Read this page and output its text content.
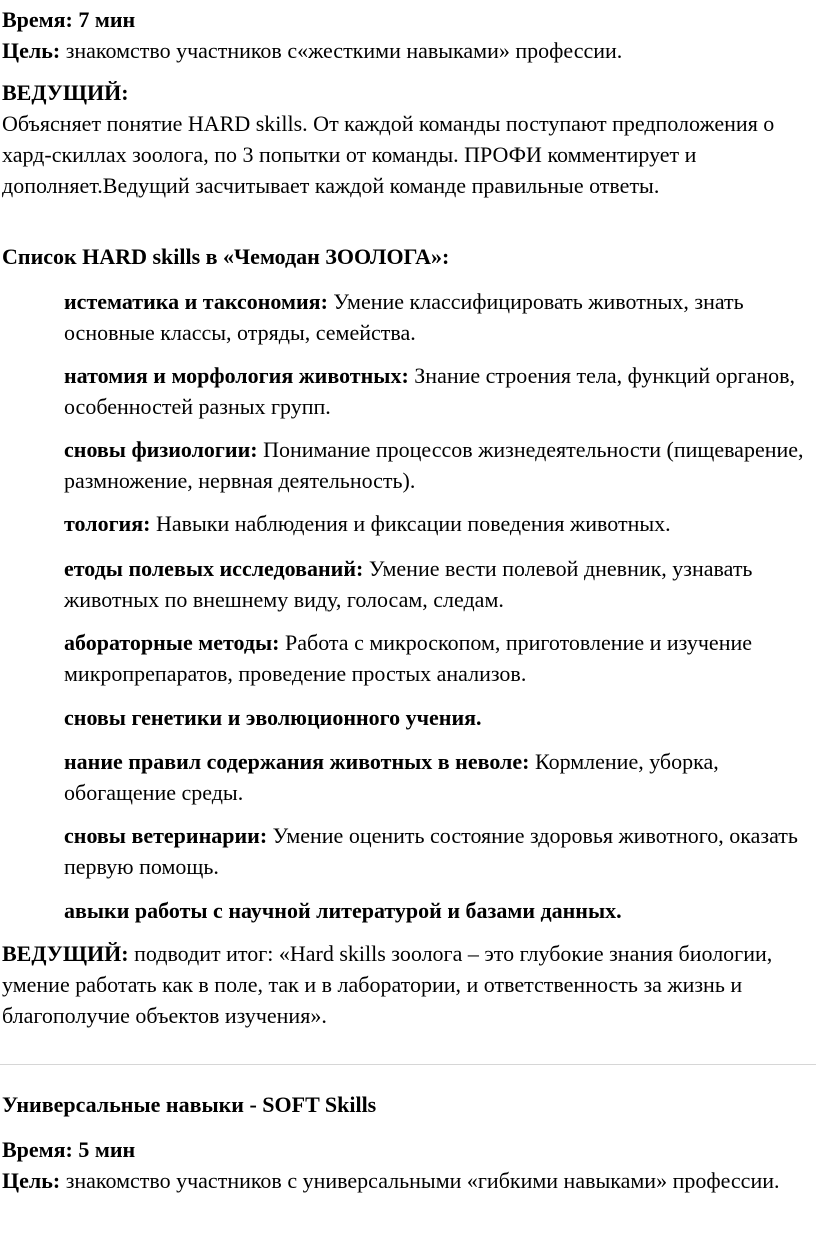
Время: 7 мин

Цель: знакомство участников с«жесткими навыками» профессии.

ВЕДУЩИЙ:

Объясняет понятие HARD skills. От каждой команды поступают предположения о хард-скиллах зоолога, по 3 попытки от команды. ПРОФИ комментирует и дополняет.Ведущий засчитывает каждой команде правильные ответы.

Список HARD skills в «Чемодан ЗООЛОГА»:

истематика и таксономия: Умение классифицировать животных, знать основные классы, отряды, семейства.

натомия и морфология животных: Знание строения тела, функций органов, особенностей разных групп.

сновы физиологии: Понимание процессов жизнедеятельности (пищеварение, размножение, нервная деятельность).

тология: Навыки наблюдения и фиксации поведения животных.

етоды полевых исследований: Умение вести полевой дневник, узнавать животных по внешнему виду, голосам, следам.

абораторные методы: Работа с микроскопом, приготовление и изучение микропрепаратов, проведение простых анализов.

сновы генетики и эволюционного учения.

нание правил содержания животных в неволе: Кормление, уборка, обогащение среды.

сновы ветеринарии: Умение оценить состояние здоровья животного, оказать первую помощь.

авыки работы с научной литературой и базами данных.

ВЕДУЩИЙ: подводит итог: «Hard skills зоолога – это глубокие знания биологии, умение работать как в поле, так и в лаборатории, и ответственность за жизнь и благополучие объектов изучения».

Универсальные навыки - SOFT Skills

Время: 5 мин

Цель: знакомство участников с универсальными «гибкими навыками» профессии.
